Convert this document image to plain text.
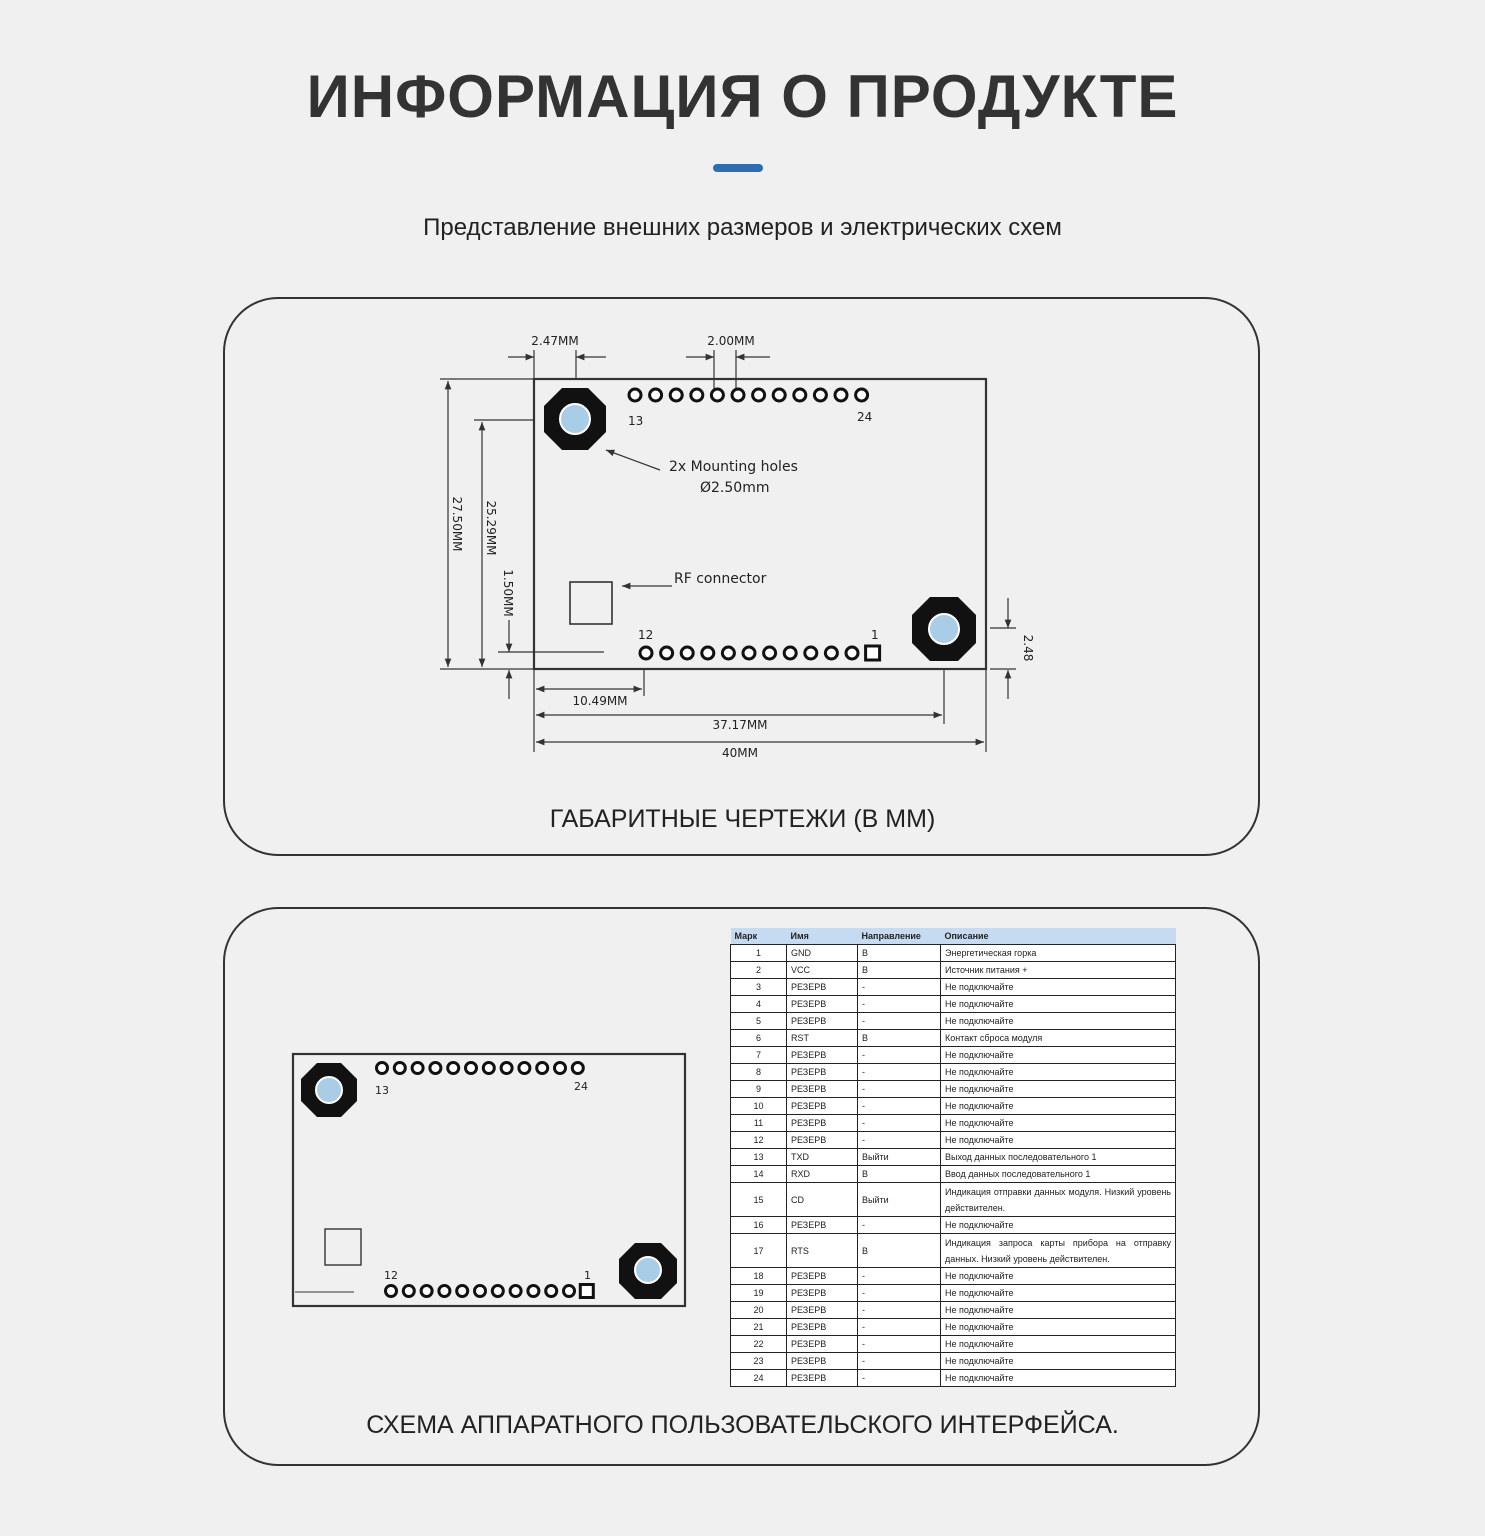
ИНФОРМАЦИЯ О ПРОДУКТЕ
Представление внешних размеров и электрических схем
2.47MM	2.00MM
10.49MM
37.17MM
40MM
27.50MM 25.29MM
1.50MM
2.48
13	24
12	1
2x Mounting holes
Ø2.50mm
RF connector
13	24
12	1
ГАБАРИТНЫЕ ЧЕРТЕЖИ (В ММ)
Марк	Имя	Направление	Описание
1	GND	B	Энергетическая горка
2	VCC	B	Источник питания +
3	РЕЗЕРВ	-	Не подключайте
4	РЕЗЕРВ	-	Не подключайте
5	РЕЗЕРВ	-	Не подключайте
6	RST	B	Контакт сброса модуля
7	РЕЗЕРВ	-	Не подключайте
8	РЕЗЕРВ	-	Не подключайте
9	РЕЗЕРВ	-	Не подключайте
10	РЕЗЕРВ	-	Не подключайте
11	РЕЗЕРВ	-	Не подключайте
12	РЕЗЕРВ	-	Не подключайте
13	TXD	Выйти	Выход данных последовательного 1
14	RXD	B	Ввод данных последовательного 1
15	CD	Выйти	Индикация отправки данных модуля. Низкий уровень действителен.
16	РЕЗЕРВ	-	Не подключайте
17	RTS	B	Индикация запроса карты прибора на отправку данных. Низкий уровень действителен.
18	РЕЗЕРВ	-	Не подключайте
19	РЕЗЕРВ	-	Не подключайте
20	РЕЗЕРВ	-	Не подключайте
21	РЕЗЕРВ	-	Не подключайте
22	РЕЗЕРВ	-	Не подключайте
23	РЕЗЕРВ	-	Не подключайте
24	РЕЗЕРВ	-	Не подключайте
СХЕМА АППАРАТНОГО ПОЛЬЗОВАТЕЛЬСКОГО ИНТЕРФЕЙСА.
